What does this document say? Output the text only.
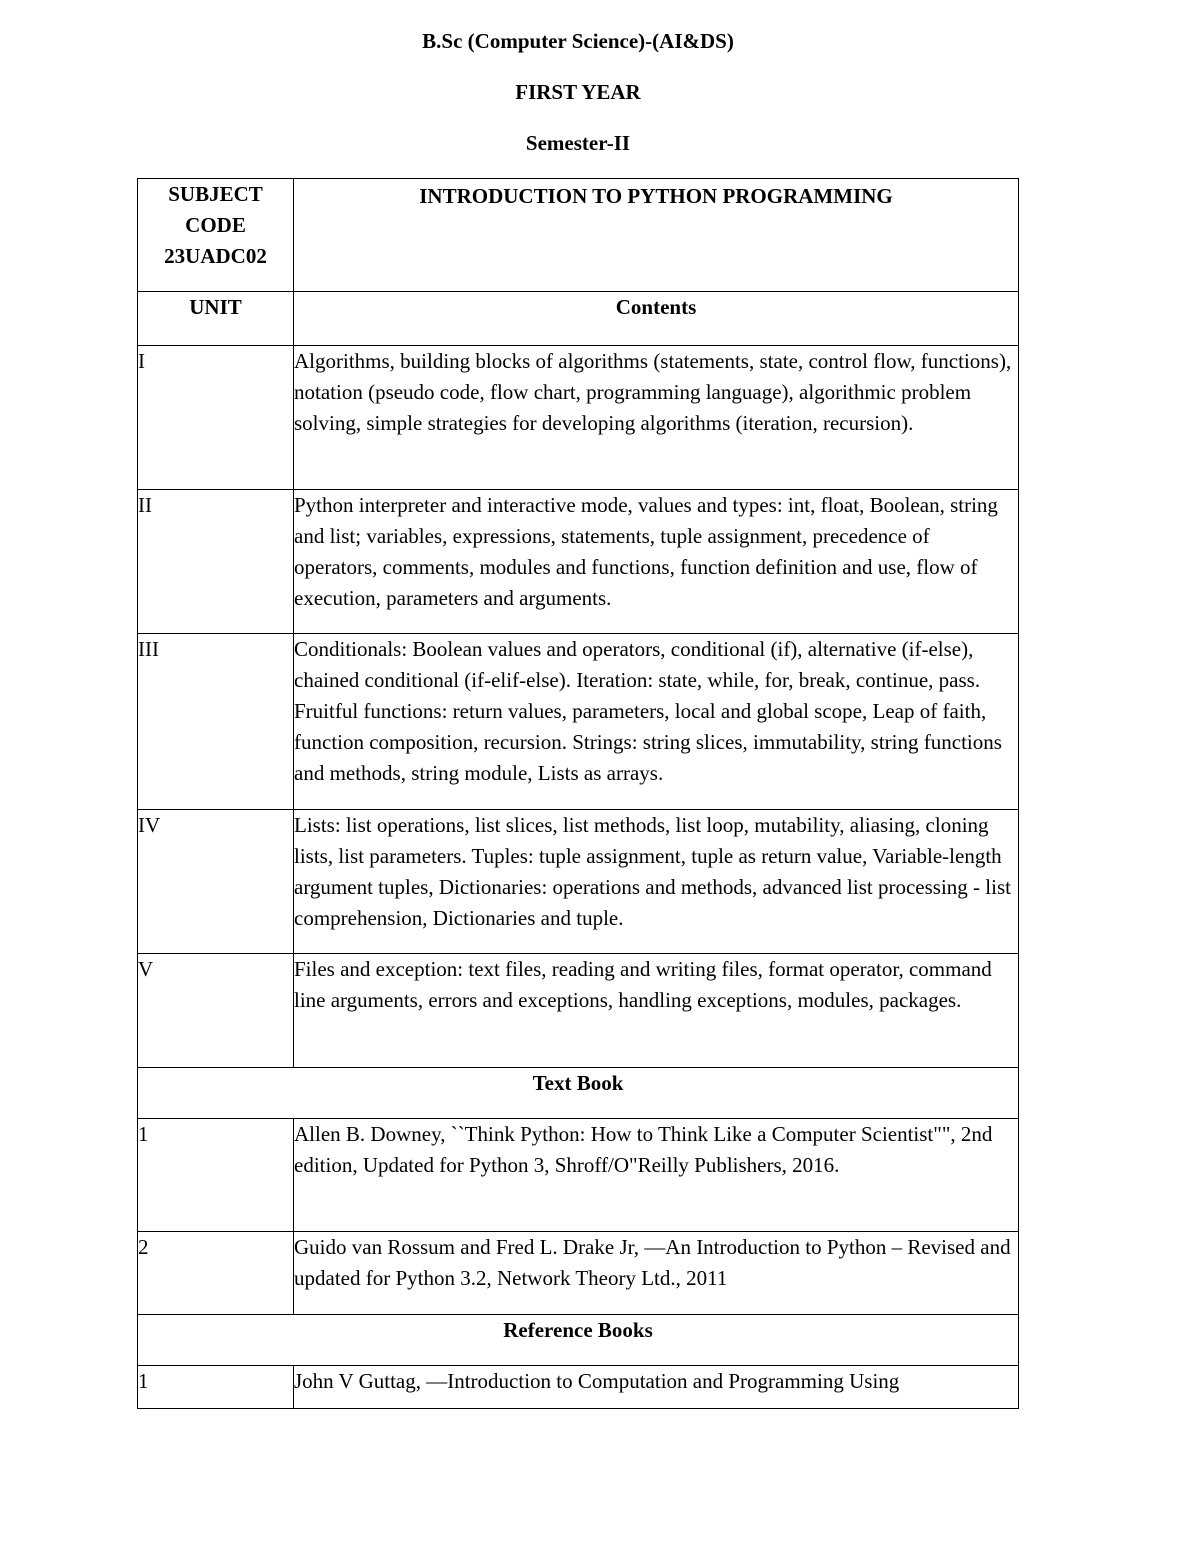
B.Sc (Computer Science)-(AI&DS)
FIRST YEAR
Semester-II
SUBJECT
CODE
23UADC02	INTRODUCTION TO PYTHON PROGRAMMING

UNIT	Contents
I	Algorithms, building blocks of algorithms (statements, state, control flow, functions), notation (pseudo code, flow chart, programming language), algorithmic problem solving, simple strategies for developing algorithms (iteration, recursion).
II	Python interpreter and interactive mode, values and types: int, float, Boolean, string and list; variables, expressions, statements, tuple assignment, precedence of operators, comments, modules and functions, function definition and use, flow of execution, parameters and arguments.
III	Conditionals: Boolean values and operators, conditional (if), alternative (if-else), chained conditional (if-elif-else). Iteration: state, while, for, break, continue, pass. Fruitful functions: return values, parameters, local and global scope, Leap of faith, function composition, recursion. Strings: string slices, immutability, string functions and methods, string module, Lists as arrays.
IV	Lists: list operations, list slices, list methods, list loop, mutability, aliasing, cloning lists, list parameters. Tuples: tuple assignment, tuple as return value, Variable-length argument tuples, Dictionaries: operations and methods, advanced list processing - list comprehension, Dictionaries and tuple.
V	Files and exception: text files, reading and writing files, format operator, command line arguments, errors and exceptions, handling exceptions, modules, packages.
Text Book	
1	Allen B. Downey, ``Think Python: How to Think Like a Computer Scientist"", 2nd edition, Updated for Python 3, Shroff/O"Reilly Publishers, 2016.
2	Guido van Rossum and Fred L. Drake Jr, —An Introduction to Python – Revised and updated for Python 3.2, Network Theory Ltd., 2011
Reference Books	
1	John V Guttag, —Introduction to Computation and Programming Using
